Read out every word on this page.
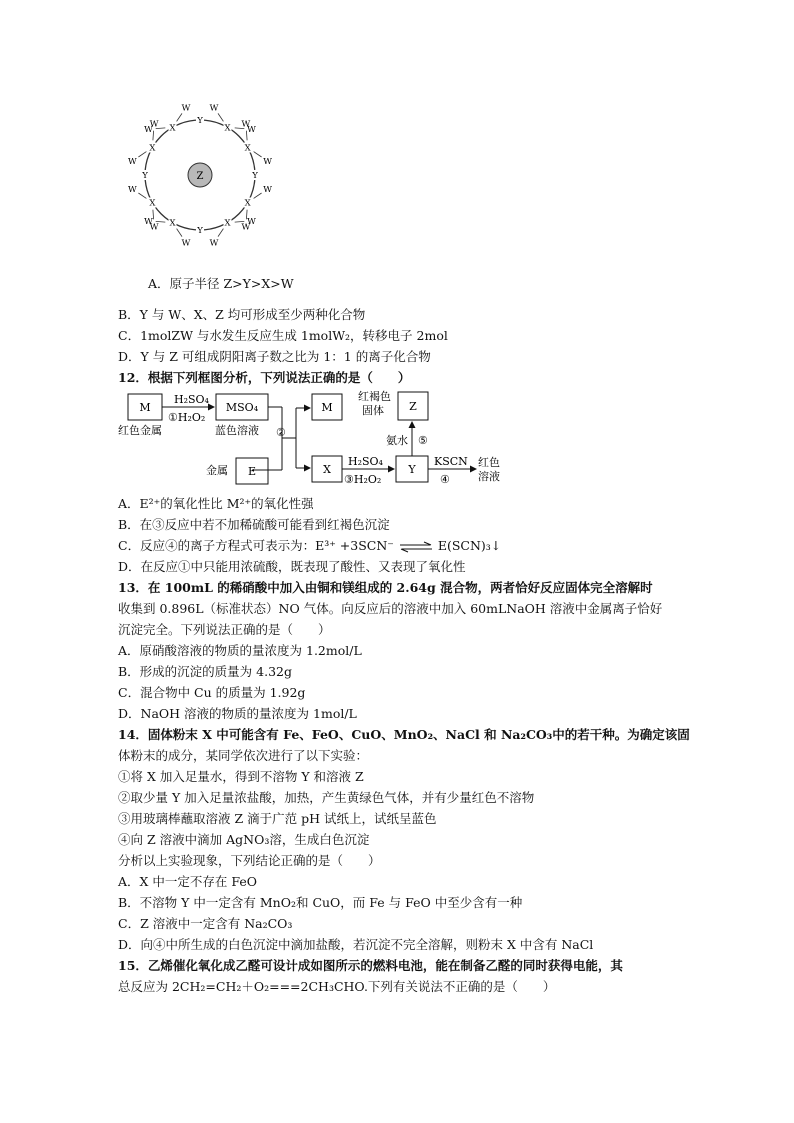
Z
Y
X
W
W
X
W
W
Y
X
W
W
X W
W
Y
X
W
W
X
W
W
Y
X
W
W X
W
W
A．原子半径 Z>Y>X>W
B．Y 与 W、X、Z 均可形成至少两种化合物
C．1molZW 与水发生反应生成 1molW₂，转移电子 2mol
D．Y 与 Z 可组成阴阳离子数之比为 1：1 的离子化合物
12．根据下列框图分析，下列说法正确的是（　　）
M
红色金属
H₂SO₄
①H₂O₂
MSO₄
蓝色溶液 ②
金属 E
M
X
H₂SO₄
③H₂O₂
Y
KSCN
④
红色
溶液
氨水 ⑤
Z
红褐色
固体
A．E²⁺的氧化性比 M²⁺的氧化性强
B．在③反应中若不加稀硫酸可能看到红褐色沉淀
C．反应④的离子方程式可表示为：E³⁺ +3SCN⁻ ⇌ E(SCN)₃↓
D．在反应①中只能用浓硫酸，既表现了酸性、又表现了氧化性
13．在 100mL 的稀硝酸中加入由铜和镁组成的 2.64g 混合物，两者恰好反应固体完全溶解时
收集到 0.896L（标准状态）NO 气体。向反应后的溶液中加入 60mLNaOH 溶液中金属离子恰好
沉淀完全。下列说法正确的是（　　）
A．原硝酸溶液的物质的量浓度为 1.2mol/L
B．形成的沉淀的质量为 4.32g
C．混合物中 Cu 的质量为 1.92g
D．NaOH 溶液的物质的量浓度为 1mol/L
14．固体粉末 X 中可能含有 Fe、FeO、CuO、MnO₂、NaCl 和 Na₂CO₃中的若干种。为确定该固
体粉末的成分，某同学依次进行了以下实验：
①将 X 加入足量水，得到不溶物 Y 和溶液 Z
②取少量 Y 加入足量浓盐酸，加热，产生黄绿色气体，并有少量红色不溶物
③用玻璃棒蘸取溶液 Z 滴于广范 pH 试纸上，试纸呈蓝色
④向 Z 溶液中滴加 AgNO₃溶，生成白色沉淀
分析以上实验现象，下列结论正确的是（　　）
A．X 中一定不存在 FeO
B．不溶物 Y 中一定含有 MnO₂和 CuO，而 Fe 与 FeO 中至少含有一种
C．Z 溶液中一定含有 Na₂CO₃
D．向④中所生成的白色沉淀中滴加盐酸，若沉淀不完全溶解，则粉末 X 中含有 NaCl
15．乙烯催化氧化成乙醛可设计成如图所示的燃料电池，能在制备乙醛的同时获得电能，其
总反应为 2CH₂=CH₂＋O₂===2CH₃CHO.下列有关说法不正确的是（　　）
